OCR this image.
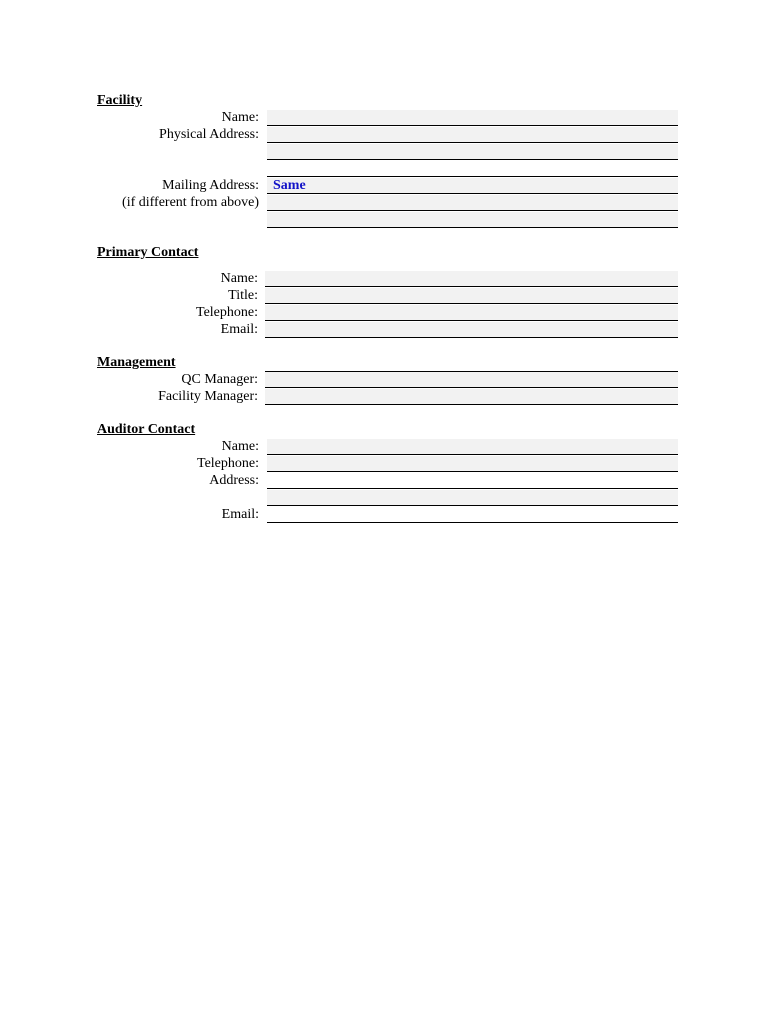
Facility
Name:
Physical Address:
Mailing Address:
(if different from above)
Same
Primary Contact
Name:
Title:
Telephone:
Email:
Management
QC Manager:
Facility Manager:
Auditor Contact
Name:
Telephone:
Address:
Email:
